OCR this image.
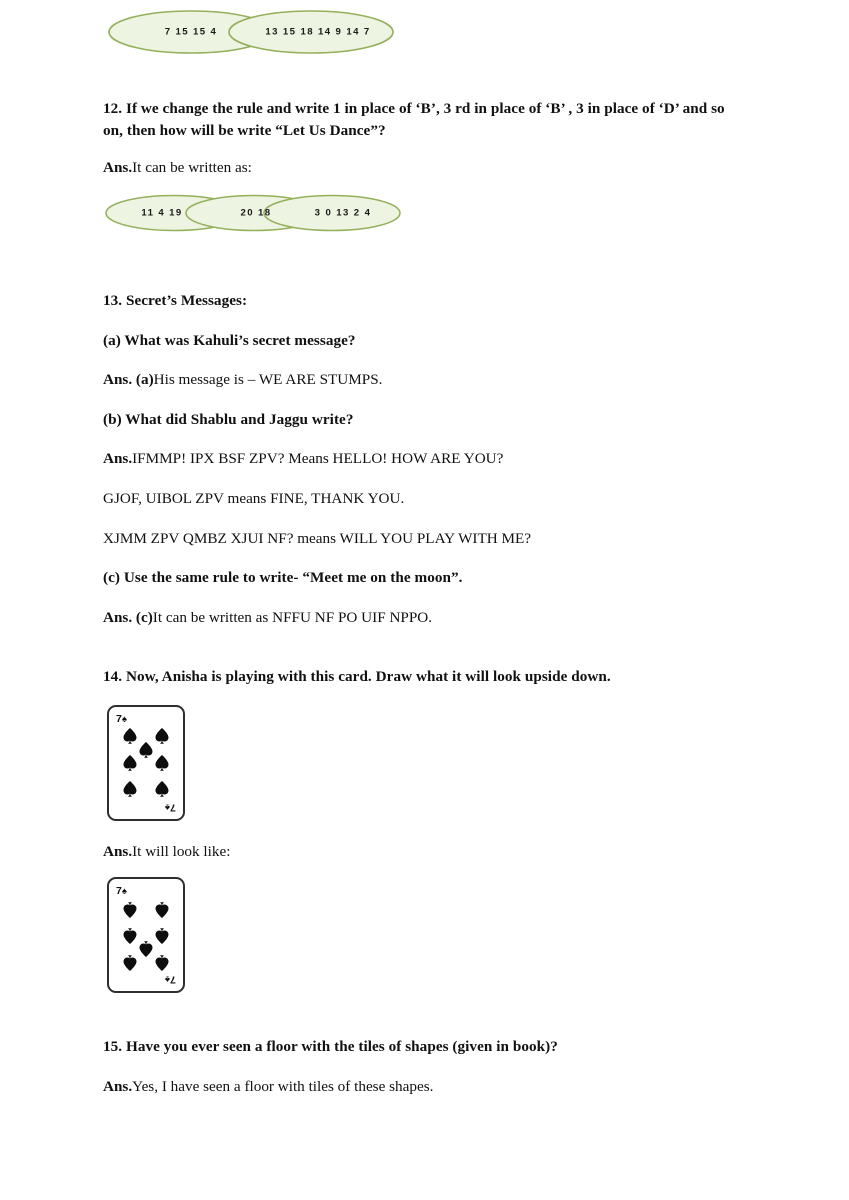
7 15 15 4	13 15 18 14 9 14 7

12. If we change the rule and write 1 in place of ‘B’, 3 rd in place of ‘B’ , 3 in place of ‘D’ and so on, then how will be write “Let Us Dance”?

Ans.It can be written as:

11 4 19	20 18	3 0 13 2 4

13. Secret’s Messages:

(a) What was Kahuli’s secret message?

Ans. (a)His message is – WE ARE STUMPS.

(b) What did Shablu and Jaggu write?

Ans.IFMMP! IPX BSF ZPV? Means HELLO! HOW ARE YOU?

GJOF, UIBOL ZPV means FINE, THANK YOU.

XJMM ZPV QMBZ XJUI NF? means WILL YOU PLAY WITH ME?

(c) Use the same rule to write- “Meet me on the moon”.

Ans. (c)It can be written as NFFU NF PO UIF NPPO.

14. Now, Anisha is playing with this card. Draw what it will look upside down.

7♠
7♠

Ans.It will look like:

7♠
7♠

15. Have you ever seen a floor with the tiles of shapes (given in book)?

Ans.Yes, I have seen a floor with tiles of these shapes.
